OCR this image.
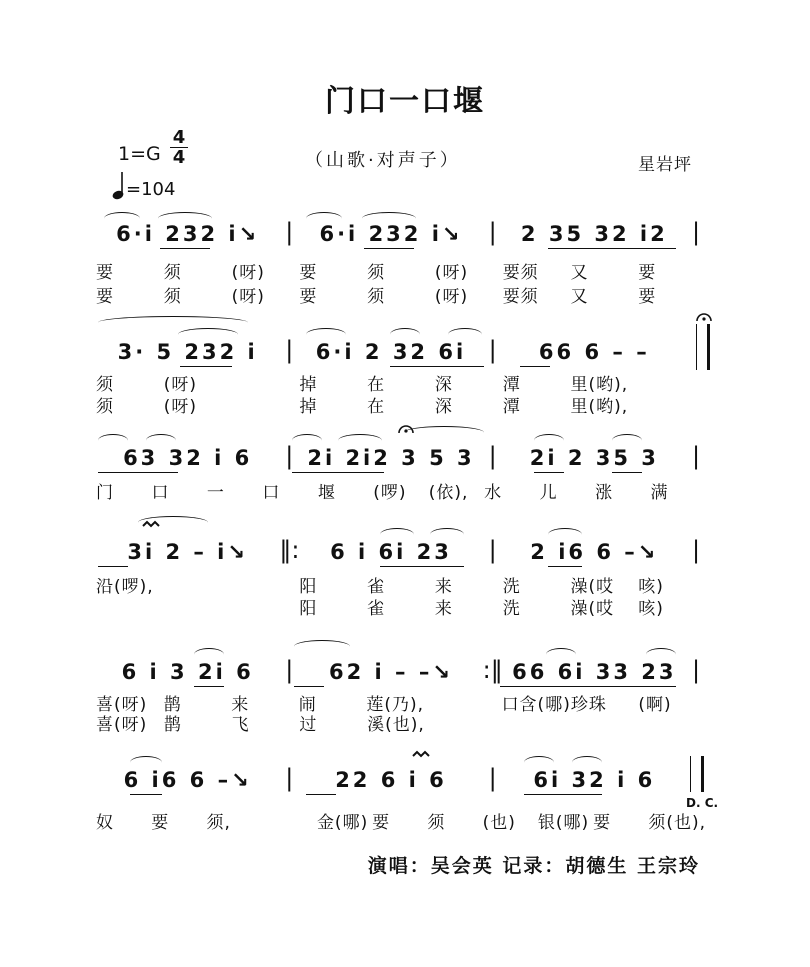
门口一口堰
1=G
4
4
=104
（山歌·对声子）	星岩坪
6·i 232 i↘	|	6·i 232 i↘	|	2 35 32 i2	|
要	须	(呀)	要	须	(呀)	要须	又	要
要	须	(呀)	要	须	(呀)	要须	又	要
3· 5 232 i	|	6·i 2 32 6i |	66 6 – –
须	(呀)	掉	在	深	潭	里(哟),
须	(呀)	掉	在	深	潭	里(哟),
63 32 i 6	| 2i 2i2 3 5 3 |	2i 2 35 3	|
门	口	一	口	堰	(啰)	(依), 水	儿	涨	满
3i 2 – i↘	‖:	6 i 6i 23	|	2 i6 6 –↘	|
沿(啰),	阳	雀	来	洗	澡(哎	咳)
阳	雀	来	洗	澡(哎	咳)
6 i 3 2i 6	|	62 i – –↘	:‖ 66 6i 33 23 |
喜(呀) 鹊	来	闹	莲(乃),	口含(哪) 珍珠	(啊)
喜(呀) 鹊	飞	过	溪(也),
6 i6 6 –↘	|	22 6 i 6	|	6i 32 i 6
奴	要	须,	金(哪) 要	须	(也)	银(哪) 要	须(也),
D. C.
演唱：吴会英 记录：胡德生 王宗玲
